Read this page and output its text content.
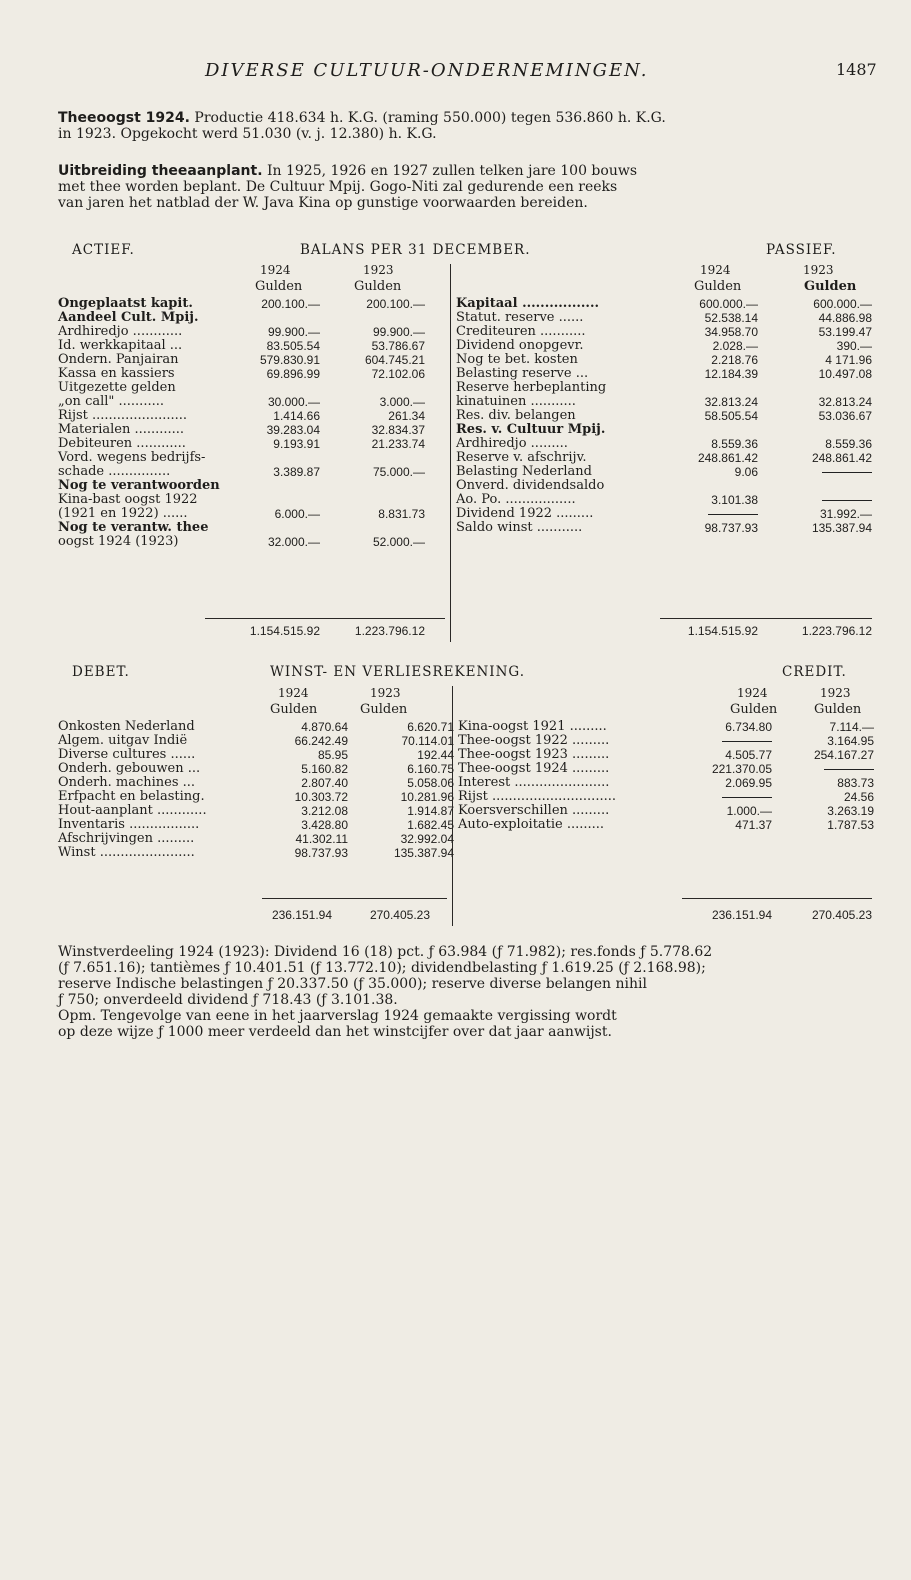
DIVERSE CULTUUR-ONDERNEMINGEN.	1487
Theeoogst 1924. Productie 418.634 h. K.G. (raming 550.000) tegen 536.860 h. K.G.
in 1923. Opgekocht werd 51.030 (v. j. 12.380) h. K.G.
Uitbreiding theeaanplant. In 1925, 1926 en 1927 zullen telken jare 100 bouws
met thee worden beplant. De Cultuur Mpij. Gogo-Niti zal gedurende een reeks
van jaren het natblad der W. Java Kina op gunstige voorwaarden bereiden.
ACTIEF.	BALANS PER 31 DECEMBER.	PASSIEF.
1924	1923
Gulden	Gulden
1924	1923
Gulden	Gulden
Ongeplaatst kapit.	200.100.—	200.100.—
Aandeel Cult. Mpij.		
Ardhiredjo ............	99.900.—	99.900.—
Id. werkkapitaal ...	83.505.54	53.786.67
Ondern. Panjairan	579.830.91	604.745.21
Kassa en kassiers	69.896.99	72.102.06
Uitgezette gelden		
„on call" ...........	30.000.—	3.000.—
Rijst .......................	1.414.66	261.34
Materialen ............	39.283.04	32.834.37
Debiteuren ............	9.193.91	21.233.74
Vord. wegens bedrijfs-		
schade ...............	3.389.87	75.000.—
Nog te verantwoorden		
Kina-bast oogst 1922		
(1921 en 1922) ......	6.000.—	8.831.73
Nog te verantw. thee		
oogst 1924 (1923)	32.000.—	52.000.—
Kapitaal .................	600.000.—	600.000.—
Statut. reserve ......	52.538.14	44.886.98
Crediteuren ...........	34.958.70	53.199.47
Dividend onopgevr.	2.028.—	390.—
Nog te bet. kosten	2.218.76	4 171.96
Belasting reserve ...	12.184.39	10.497.08
Reserve herbeplanting		
kinatuinen ...........	32.813.24	32.813.24
Res. div. belangen	58.505.54	53.036.67
Res. v. Cultuur Mpij.		
Ardhiredjo .........	8.559.36	8.559.36
Reserve v. afschrijv.	248.861.42	248.861.42
Belasting Nederland	9.06	
Onverd. dividendsaldo		
Ao. Po. .................	3.101.38	
Dividend 1922 .........		31.992.—
Saldo winst ...........	98.737.93	135.387.94
1.154.515.92	1.223.796.12	1.154.515.92	1.223.796.12
DEBET.	WINST- EN VERLIESREKENING.	CREDIT.
1924	1923
Gulden	Gulden
1924	1923
Gulden	Gulden
Onkosten Nederland	4.870.64	6.620.71
Algem. uitgav Indië	66.242.49	70.114.01
Diverse cultures ......	85.95	192.44
Onderh. gebouwen ...	5.160.82	6.160.75
Onderh. machines ...	2.807.40	5.058.06
Erfpacht en belasting.	10.303.72	10.281.96
Hout-aanplant ............	3.212.08	1.914.87
Inventaris .................	3.428.80	1.682.45
Afschrijvingen .........	41.302.11	32.992.04
Winst .......................	98.737.93	135.387.94
Kina-oogst 1921 .........	6.734.80	7.114.—
Thee-oogst 1922 .........		3.164.95
Thee-oogst 1923 .........	4.505.77	254.167.27
Thee-oogst 1924 .........	221.370.05	
Interest .......................	2.069.95	883.73
Rijst ..............................		24.56
Koersverschillen .........	1.000.—	3.263.19
Auto-exploitatie .........	471.37	1.787.53
236.151.94	270.405.23	236.151.94	270.405.23
Winstverdeeling 1924 (1923): Dividend 16 (18) pct. ƒ 63.984 (ƒ 71.982); res.fonds ƒ 5.778.62
(ƒ 7.651.16); tantièmes ƒ 10.401.51 (ƒ 13.772.10); dividendbelasting ƒ 1.619.25 (ƒ 2.168.98);
reserve Indische belastingen ƒ 20.337.50 (ƒ 35.000); reserve diverse belangen nihil
ƒ 750; onverdeeld dividend ƒ 718.43 (ƒ 3.101.38.
Opm. Tengevolge van eene in het jaarverslag 1924 gemaakte vergissing wordt
op deze wijze ƒ 1000 meer verdeeld dan het winstcijfer over dat jaar aanwijst.
